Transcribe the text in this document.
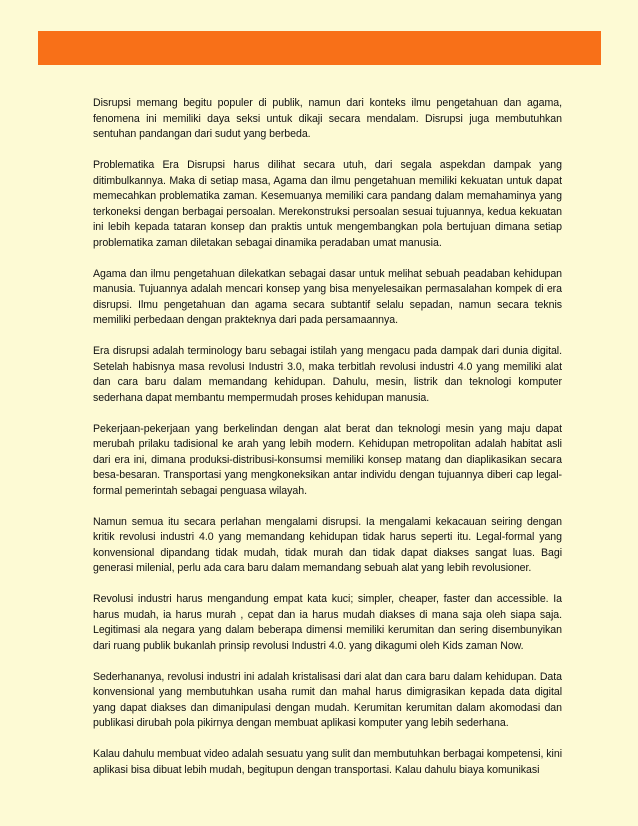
Disrupsi memang begitu populer di publik, namun dari konteks ilmu pengetahuan dan agama, fenomena ini memiliki daya seksi untuk dikaji secara mendalam. Disrupsi juga membutuhkan sentuhan pandangan dari sudut yang berbeda.

Problematika Era Disrupsi harus dilihat secara utuh, dari segala aspekdan dampak yang ditimbulkannya. Maka di setiap masa, Agama dan ilmu pengetahuan memiliki kekuatan untuk dapat memecahkan problematika zaman. Kesemuanya memiliki cara pandang dalam memahaminya yang terkoneksi dengan berbagai persoalan. Merekonstruksi persoalan sesuai tujuannya, kedua kekuatan ini lebih kepada tataran konsep dan praktis untuk mengembangkan pola bertujuan dimana setiap problematika zaman diletakan sebagai dinamika peradaban umat manusia.

Agama dan ilmu pengetahuan dilekatkan sebagai dasar untuk melihat sebuah peadaban kehidupan manusia. Tujuannya adalah mencari konsep yang bisa menyelesaikan permasalahan kompek di era disrupsi. Ilmu pengetahuan dan agama secara subtantif selalu sepadan, namun secara teknis memiliki perbedaan dengan prakteknya dari pada persamaannya.

Era disrupsi adalah terminology baru sebagai istilah yang mengacu pada dampak dari dunia digital. Setelah habisnya masa revolusi Industri 3.0, maka terbitlah revolusi industri 4.0 yang memiliki alat dan cara baru dalam memandang kehidupan. Dahulu, mesin, listrik dan teknologi komputer sederhana dapat membantu mempermudah proses kehidupan manusia.

Pekerjaan-pekerjaan yang berkelindan dengan alat berat dan teknologi mesin yang maju dapat merubah prilaku tadisional ke arah yang lebih modern. Kehidupan metropolitan adalah habitat asli dari era ini, dimana produksi-distribusi-konsumsi memiliki konsep matang dan diaplikasikan secara besa-besaran. Transportasi yang mengkoneksikan antar individu dengan tujuannya diberi cap legal-formal pemerintah sebagai penguasa wilayah.

Namun semua itu secara perlahan mengalami disrupsi. Ia mengalami kekacauan seiring dengan kritik revolusi industri 4.0 yang memandang kehidupan tidak harus seperti itu. Legal-formal yang konvensional dipandang tidak mudah, tidak murah dan tidak dapat diakses sangat luas. Bagi generasi milenial, perlu ada cara baru dalam memandang sebuah alat yang lebih revolusioner.

Revolusi industri harus mengandung empat kata kuci; simpler, cheaper, faster dan accessible. Ia harus mudah, ia harus murah , cepat dan ia harus mudah diakses di mana saja oleh siapa saja. Legitimasi ala negara yang dalam beberapa dimensi memiliki kerumitan dan sering disembunyikan dari ruang publik bukanlah prinsip revolusi Industri 4.0. yang dikagumi oleh Kids zaman Now.

Sederhananya, revolusi industri ini adalah kristalisasi dari alat dan cara baru dalam kehidupan. Data konvensional yang membutuhkan usaha rumit dan mahal harus dimigrasikan kepada data digital yang dapat diakses dan dimanipulasi dengan mudah. Kerumitan kerumitan dalam akomodasi dan publikasi dirubah pola pikirnya dengan membuat aplikasi komputer yang lebih sederhana.

Kalau dahulu membuat video adalah sesuatu yang sulit dan membutuhkan berbagai kompetensi, kini aplikasi bisa dibuat lebih mudah, begitupun dengan transportasi. Kalau dahulu biaya komunikasi
